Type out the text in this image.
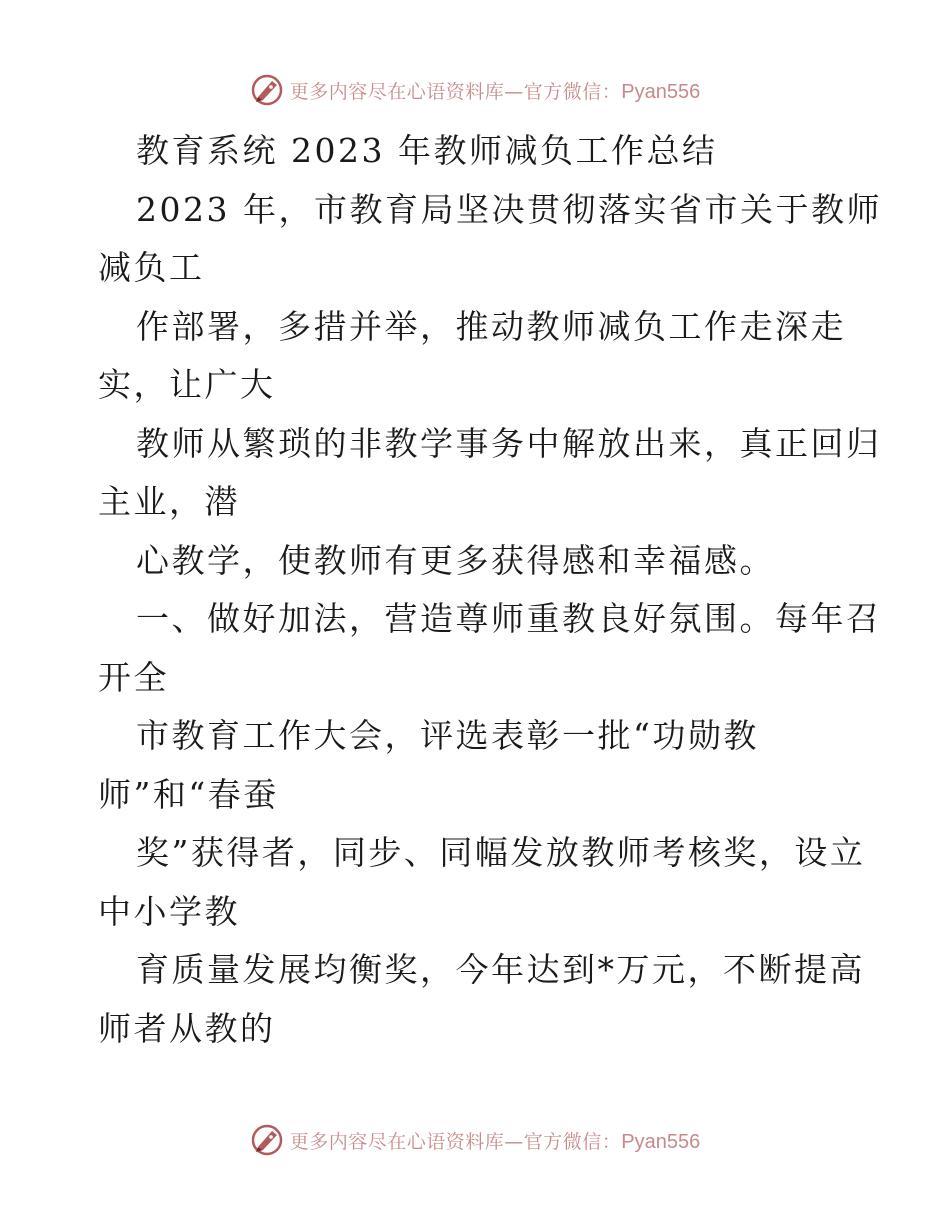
更多内容尽在心语资料库—官方微信：Pyan556
教育系统 2023 年教师减负工作总结
2023 年，市教育局坚决贯彻落实省市关于教师
减负工
作部署，多措并举，推动教师减负工作走深走
实，让广大
教师从繁琐的非教学事务中解放出来，真正回归
主业，潜
心教学，使教师有更多获得感和幸福感。
一、做好加法，营造尊师重教良好氛围。每年召
开全
市教育工作大会，评选表彰一批“功勋教
师”和“春蚕
奖”获得者，同步、同幅发放教师考核奖，设立
中小学教
育质量发展均衡奖，今年达到*万元，不断提高
师者从教的
更多内容尽在心语资料库—官方微信：Pyan556
